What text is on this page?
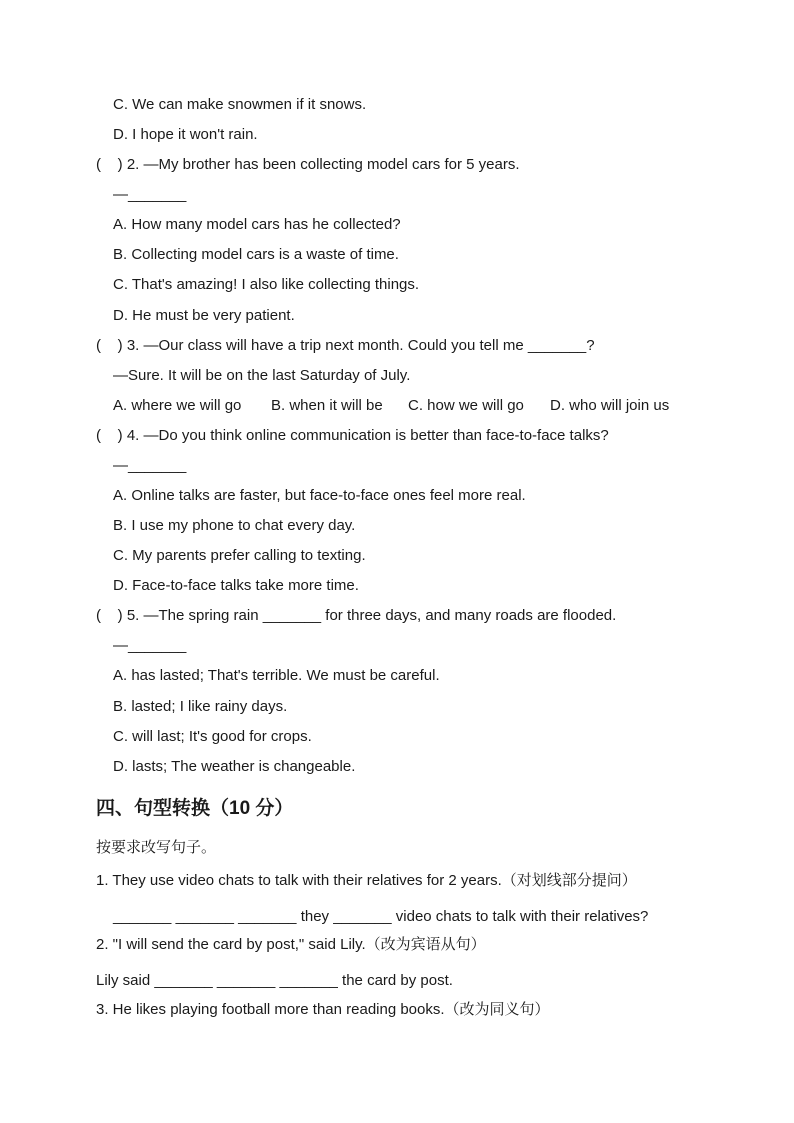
C. We can make snowmen if it snows.
D. I hope it won't rain.
(    ) 2. —My brother has been collecting model cars for 5 years.
—_______
A. How many model cars has he collected?
B. Collecting model cars is a waste of time.
C. That's amazing! I also like collecting things.
D. He must be very patient.
(    ) 3. —Our class will have a trip next month. Could you tell me _______?
—Sure. It will be on the last Saturday of July.

A. where we will go

B. when it will be

C. how we will go

D. who will join us

(    ) 4. —Do you think online communication is better than face-to-face talks?
—_______
A. Online talks are faster, but face-to-face ones feel more real.
B. I use my phone to chat every day.
C. My parents prefer calling to texting.
D. Face-to-face talks take more time.
(    ) 5. —The spring rain _______ for three days, and many roads are flooded.
—_______
A. has lasted; That's terrible. We must be careful.
B. lasted; I like rainy days.
C. will last; It's good for crops.
D. lasts; The weather is changeable.
四、句型转换（10 分）
按要求改写句子。
1. They use video chats to talk with their relatives for 2 years.（对划线部分提问）
_______ _______ _______ they _______ video chats to talk with their relatives?
2. "I will send the card by post," said Lily.（改为宾语从句）
Lily said _______ _______ _______ the card by post.
3. He likes playing football more than reading books.（改为同义句）
